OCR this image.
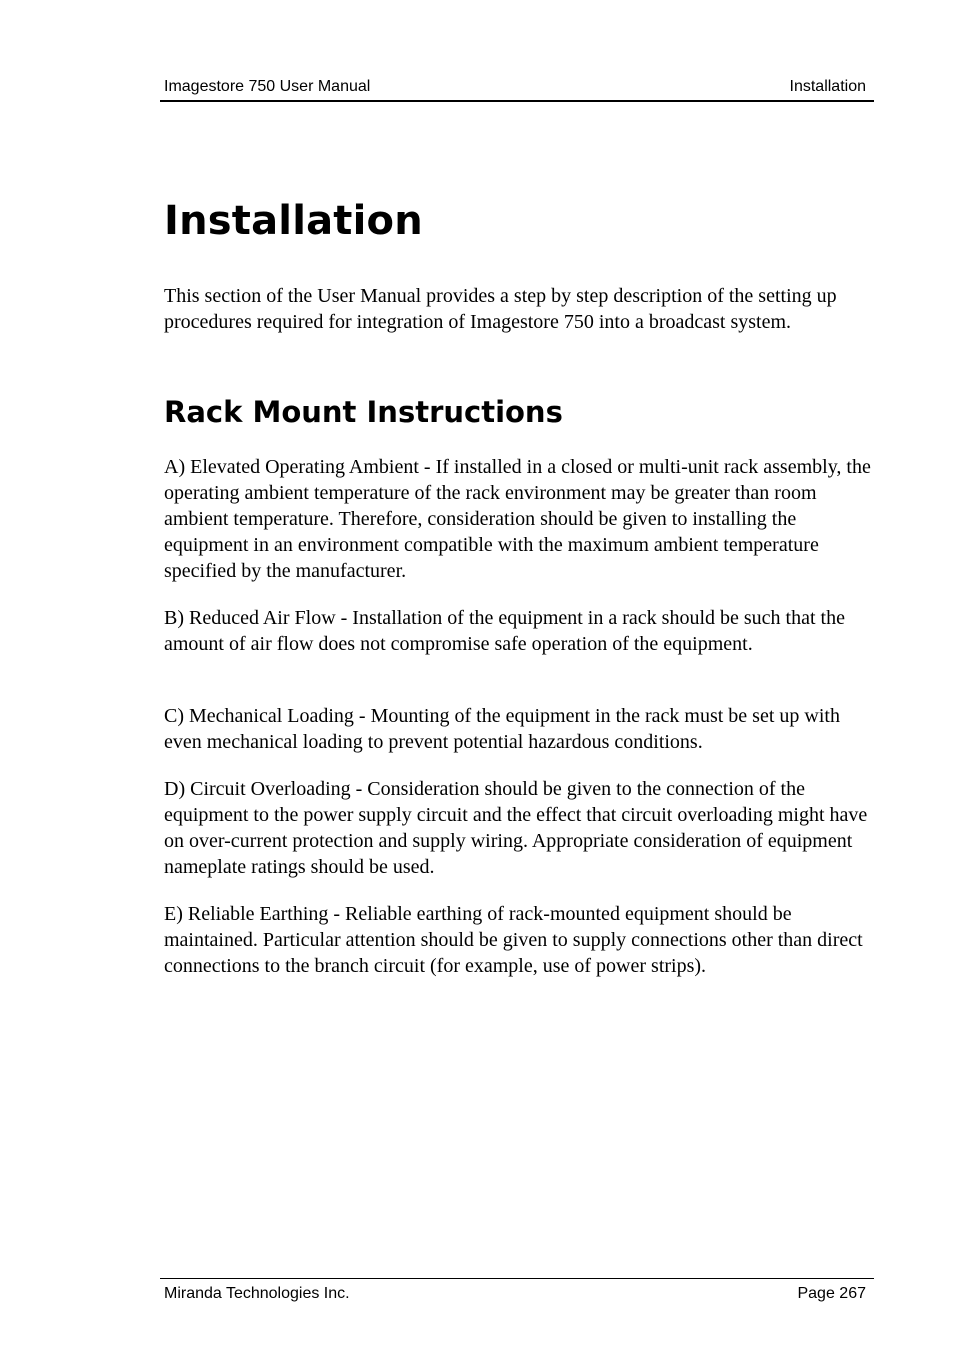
Imagestore 750 User Manual	Installation
Installation

This section of the User Manual provides a step by step description of the setting up procedures required for integration of Imagestore 750 into a broadcast system.

Rack Mount Instructions

A) Elevated Operating Ambient - If installed in a closed or multi-unit rack assembly, the operating ambient temperature of the rack environment may be greater than room ambient temperature. Therefore, consideration should be given to installing the equipment in an environment compatible with the maximum ambient temperature specified by the manufacturer.

B) Reduced Air Flow - Installation of the equipment in a rack should be such that the amount of air flow does not compromise safe operation of the equipment.

C) Mechanical Loading - Mounting of the equipment in the rack must be set up with even mechanical loading to prevent potential hazardous conditions.

D) Circuit Overloading - Consideration should be given to the connection of the equipment to the power supply circuit and the effect that circuit overloading might have on over-current protection and supply wiring. Appropriate consideration of equipment nameplate ratings should be used.

E) Reliable Earthing - Reliable earthing of rack-mounted equipment should be maintained. Particular attention should be given to supply connections other than direct connections to the branch circuit (for example, use of power strips).

Miranda Technologies Inc.	Page 267
